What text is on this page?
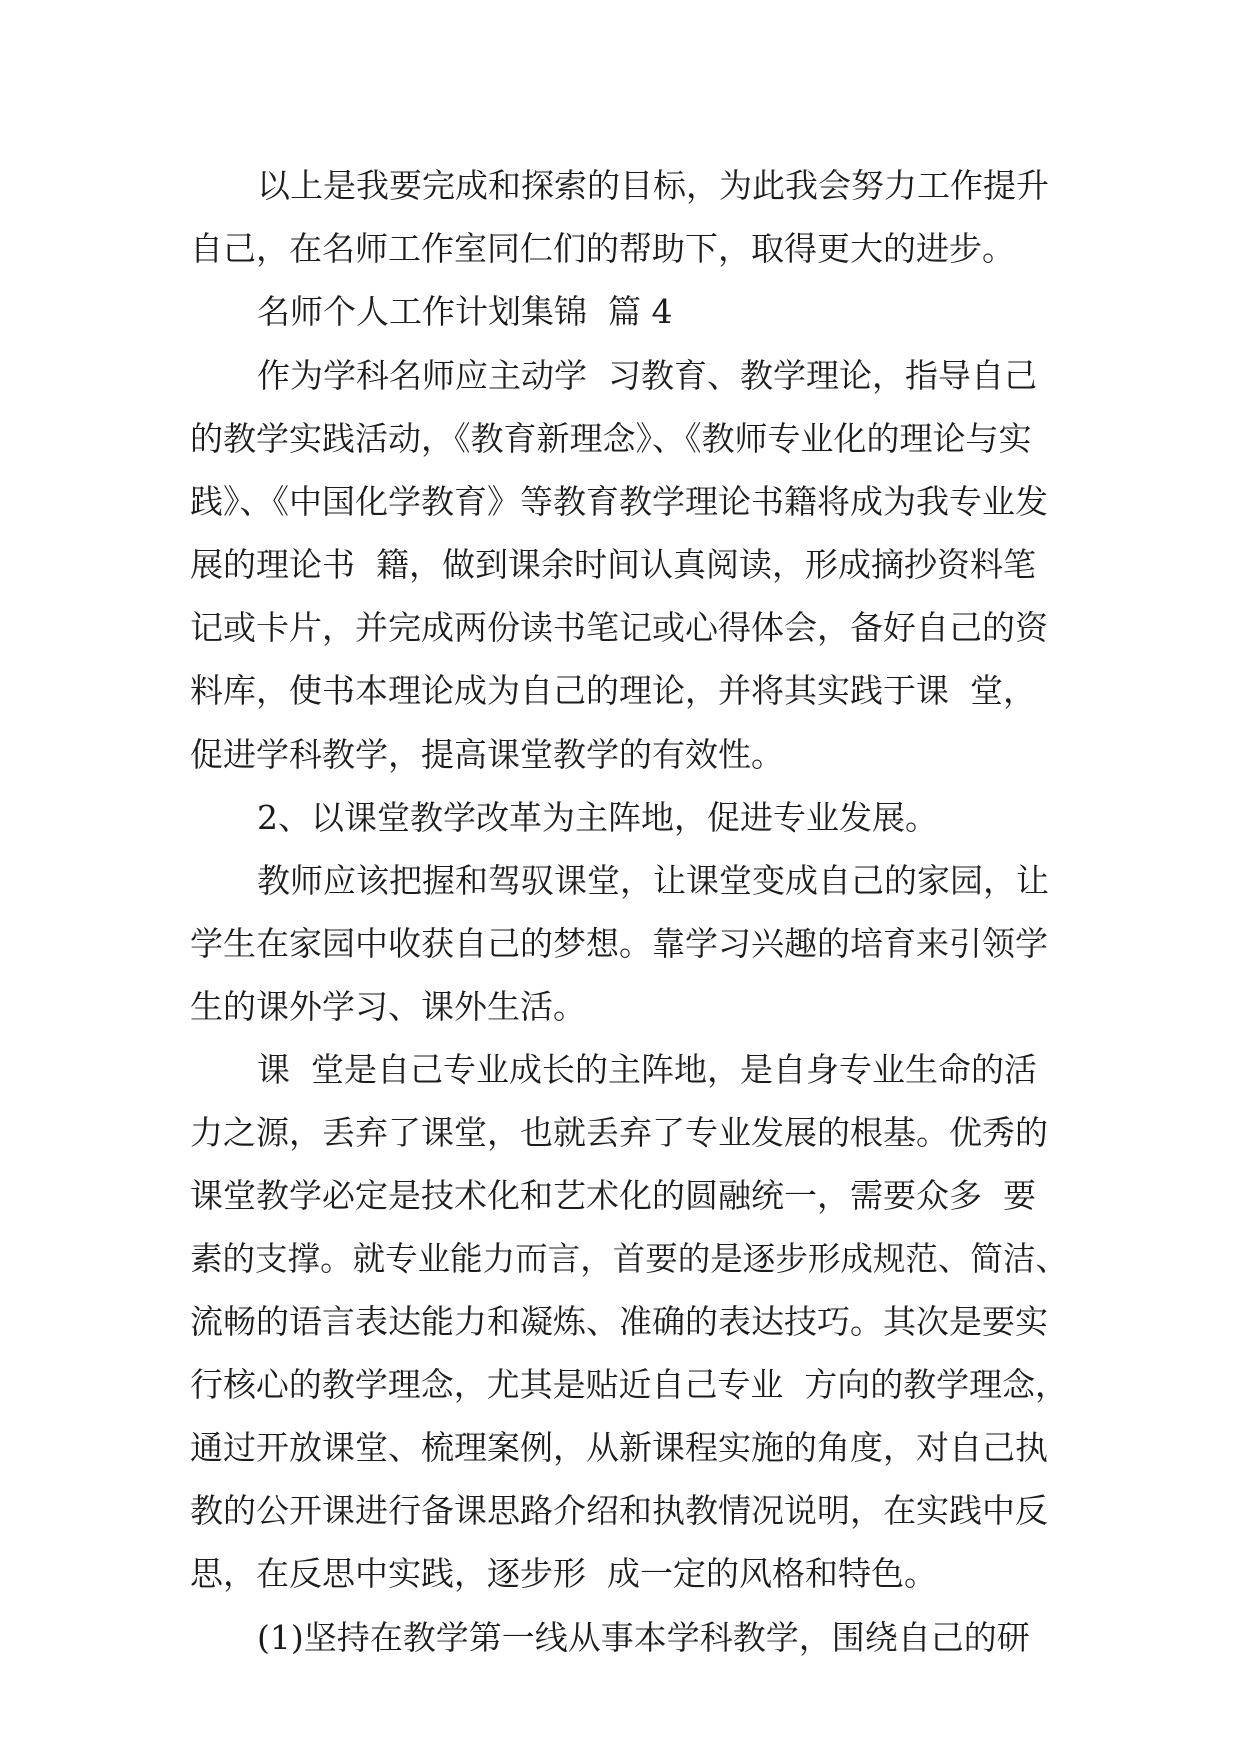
以上是我要完成和探索的目标，为此我会努力工作提升
自己，在名师工作室同仁们的帮助下，取得更大的进步。
名师个人工作计划集锦  篇 4
作为学科名师应主动学  习教育、教学理论，指导自己
的教学实践活动，《教育新理念》、《教师专业化的理论与实
践》、《中国化学教育》等教育教学理论书籍将成为我专业发
展的理论书  籍，做到课余时间认真阅读，形成摘抄资料笔
记或卡片，并完成两份读书笔记或心得体会，备好自己的资
料库，使书本理论成为自己的理论，并将其实践于课  堂，
促进学科教学，提高课堂教学的有效性。
2、以课堂教学改革为主阵地，促进专业发展。
教师应该把握和驾驭课堂，让课堂变成自己的家园，让
学生在家园中收获自己的梦想。靠学习兴趣的培育来引领学
生的课外学习、课外生活。
课  堂是自己专业成长的主阵地，是自身专业生命的活
力之源，丢弃了课堂，也就丢弃了专业发展的根基。优秀的
课堂教学必定是技术化和艺术化的圆融统一，需要众多  要
素的支撑。就专业能力而言，首要的是逐步形成规范、简洁、
流畅的语言表达能力和凝炼、准确的表达技巧。其次是要实
行核心的教学理念，尤其是贴近自己专业  方向的教学理念，
通过开放课堂、梳理案例，从新课程实施的角度，对自己执
教的公开课进行备课思路介绍和执教情况说明，在实践中反
思，在反思中实践，逐步形  成一定的风格和特色。
(1)坚持在教学第一线从事本学科教学，围绕自己的研
